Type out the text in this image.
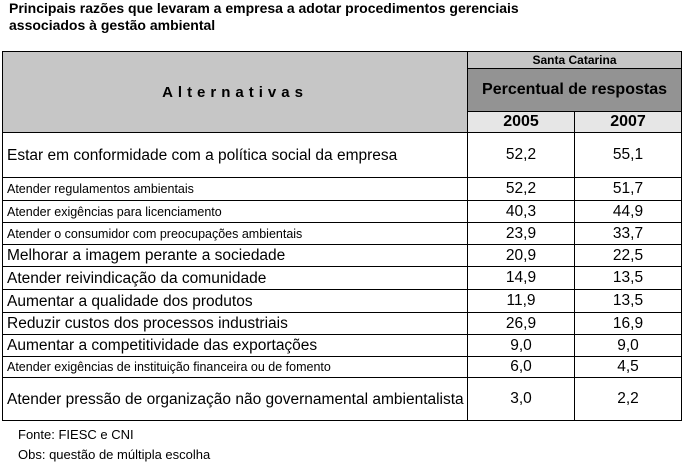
Principais razões que levaram a empresa a adotar procedimentos gerenciais
associados à gestão ambiental
Alternativas	Santa Catarina	
	Percentual de respostas	
	2005	2007
Estar em conformidade com a política social da empresa	52,2	55,1
Atender regulamentos ambientais	52,2	51,7
Atender exigências para licenciamento	40,3	44,9
Atender o consumidor com preocupações ambientais	23,9	33,7
Melhorar a imagem perante a sociedade	20,9	22,5
Atender reivindicação da comunidade	14,9	13,5
Aumentar a qualidade dos produtos	11,9	13,5
Reduzir custos dos processos industriais	26,9	16,9
Aumentar a competitividade das exportações	9,0	9,0
Atender exigências de instituição financeira ou de fomento	6,0	4,5
Atender pressão de organização não governamental ambientalista	3,0	2,2
Fonte: FIESC e CNI
Obs: questão de múltipla escolha
